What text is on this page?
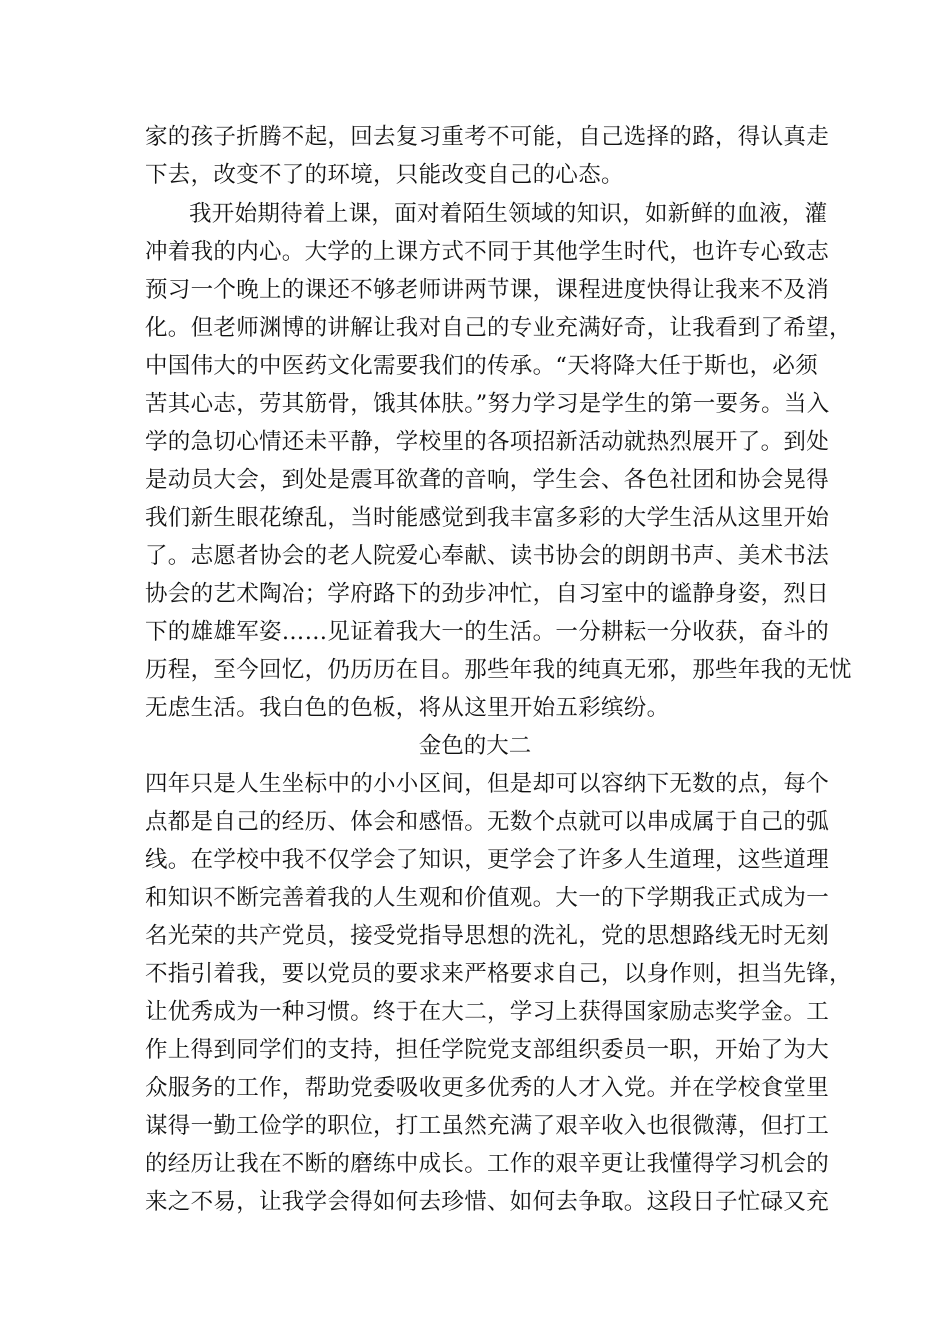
家的孩子折腾不起，回去复习重考不可能，自己选择的路，得认真走
下去，改变不了的环境，只能改变自己的心态。
我开始期待着上课，面对着陌生领域的知识，如新鲜的血液，灌
冲着我的内心。大学的上课方式不同于其他学生时代，也许专心致志
预习一个晚上的课还不够老师讲两节课，课程进度快得让我来不及消
化。但老师渊博的讲解让我对自己的专业充满好奇，让我看到了希望，
中国伟大的中医药文化需要我们的传承。“天将降大任于斯也，必须
苦其心志，劳其筋骨，饿其体肤。”努力学习是学生的第一要务。当入
学的急切心情还未平静，学校里的各项招新活动就热烈展开了。到处
是动员大会，到处是震耳欲聋的音响，学生会、各色社团和协会晃得
我们新生眼花缭乱，当时能感觉到我丰富多彩的大学生活从这里开始
了。志愿者协会的老人院爱心奉献、读书协会的朗朗书声、美术书法
协会的艺术陶冶；学府路下的劲步冲忙，自习室中的谧静身姿，烈日
下的雄雄军姿……见证着我大一的生活。一分耕耘一分收获，奋斗的
历程，至今回忆，仍历历在目。那些年我的纯真无邪，那些年我的无忧
无虑生活。我白色的色板，将从这里开始五彩缤纷。
金色的大二
四年只是人生坐标中的小小区间，但是却可以容纳下无数的点，每个
点都是自己的经历、体会和感悟。无数个点就可以串成属于自己的弧
线。在学校中我不仅学会了知识，更学会了许多人生道理，这些道理
和知识不断完善着我的人生观和价值观。大一的下学期我正式成为一
名光荣的共产党员，接受党指导思想的洗礼，党的思想路线无时无刻
不指引着我，要以党员的要求来严格要求自己，以身作则，担当先锋，
让优秀成为一种习惯。终于在大二，学习上获得国家励志奖学金。工
作上得到同学们的支持，担任学院党支部组织委员一职，开始了为大
众服务的工作，帮助党委吸收更多优秀的人才入党。并在学校食堂里
谋得一勤工俭学的职位，打工虽然充满了艰辛收入也很微薄，但打工
的经历让我在不断的磨练中成长。工作的艰辛更让我懂得学习机会的
来之不易，让我学会得如何去珍惜、如何去争取。这段日子忙碌又充
